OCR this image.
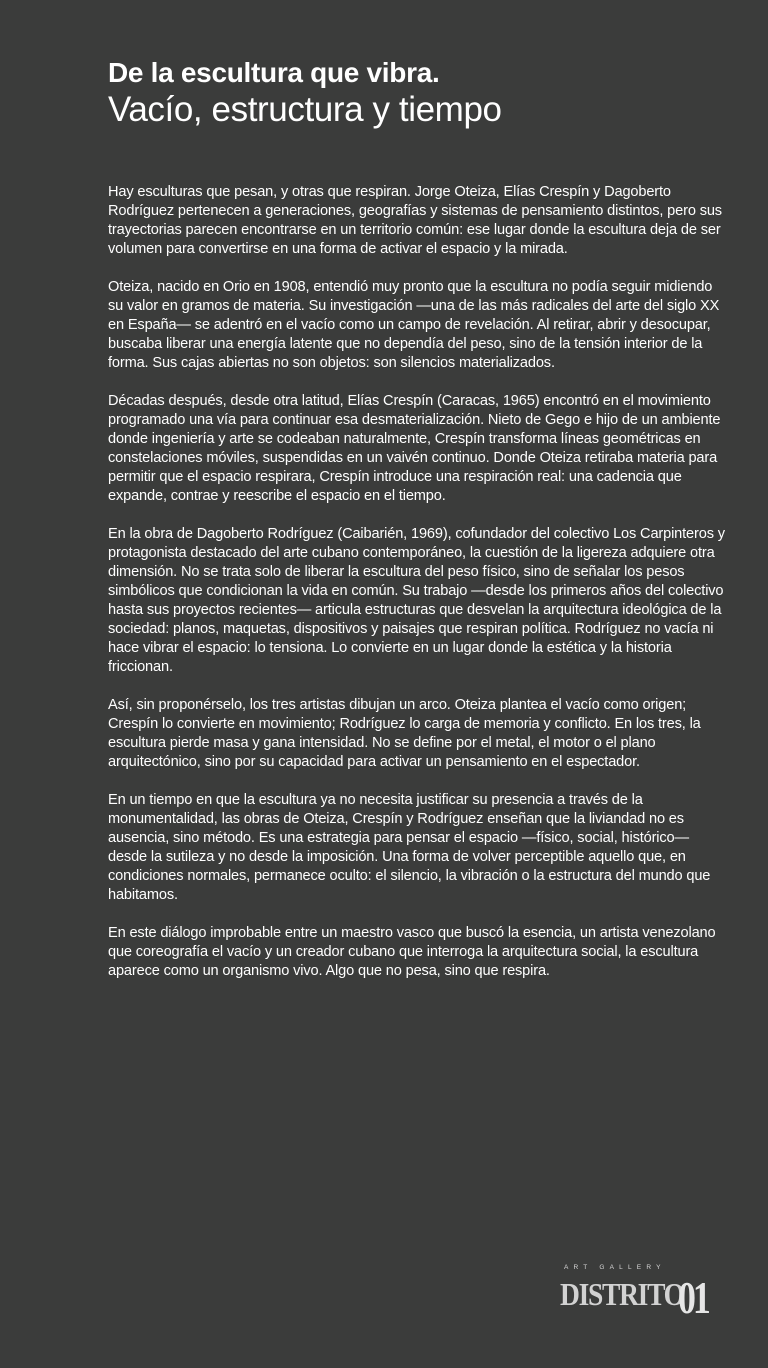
De la escultura que vibra.
Vacío, estructura y tiempo

Hay esculturas que pesan, y otras que respiran. Jorge Oteiza, Elías Crespín y Dagoberto Rodríguez pertenecen a generaciones, geografías y sistemas de pensamiento distintos, pero sus trayectorias parecen encontrarse en un territorio común: ese lugar donde la escultura deja de ser volumen para convertirse en una forma de activar el espacio y la mirada.

Oteiza, nacido en Orio en 1908, entendió muy pronto que la escultura no podía seguir midiendo su valor en gramos de materia. Su investigación —una de las más radicales del arte del siglo XX en España— se adentró en el vacío como un campo de revelación. Al retirar, abrir y desocupar, buscaba liberar una energía latente que no dependía del peso, sino de la tensión interior de la forma. Sus cajas abiertas no son objetos: son silencios materializados.

Décadas después, desde otra latitud, Elías Crespín (Caracas, 1965) encontró en el movimiento programado una vía para continuar esa desmaterialización. Nieto de Gego e hijo de un ambiente donde ingeniería y arte se codeaban naturalmente, Crespín transforma líneas geométricas en constelaciones móviles, suspendidas en un vaivén continuo. Donde Oteiza retiraba materia para permitir que el espacio respirara, Crespín introduce una respiración real: una cadencia que expande, contrae y reescribe el espacio en el tiempo.

En la obra de Dagoberto Rodríguez (Caibarién, 1969), cofundador del colectivo Los Carpinteros y protagonista destacado del arte cubano contemporáneo, la cuestión de la ligereza adquiere otra dimensión. No se trata solo de liberar la escultura del peso físico, sino de señalar los pesos simbólicos que condicionan la vida en común. Su trabajo —desde los primeros años del colectivo hasta sus proyectos recientes— articula estructuras que desvelan la arquitectura ideológica de la sociedad: planos, maquetas, dispositivos y paisajes que respiran política. Rodríguez no vacía ni hace vibrar el espacio: lo tensiona. Lo convierte en un lugar donde la estética y la historia friccionan.

Así, sin proponérselo, los tres artistas dibujan un arco. Oteiza plantea el vacío como origen; Crespín lo convierte en movimiento; Rodríguez lo carga de memoria y conflicto. En los tres, la escultura pierde masa y gana intensidad. No se define por el metal, el motor o el plano arquitectónico, sino por su capacidad para activar un pensamiento en el espectador.

En un tiempo en que la escultura ya no necesita justificar su presencia a través de la monumentalidad, las obras de Oteiza, Crespín y Rodríguez enseñan que la liviandad no es ausencia, sino método. Es una estrategia para pensar el espacio —físico, social, histórico— desde la sutileza y no desde la imposición. Una forma de volver perceptible aquello que, en condiciones normales, permanece oculto: el silencio, la vibración o la estructura del mundo que habitamos.

En este diálogo improbable entre un maestro vasco que buscó la esencia, un artista venezolano que coreografía el vacío y un creador cubano que interroga la arquitectura social, la escultura aparece como un organismo vivo. Algo que no pesa, sino que respira.

ART GALLERY
DISTRITO
01
